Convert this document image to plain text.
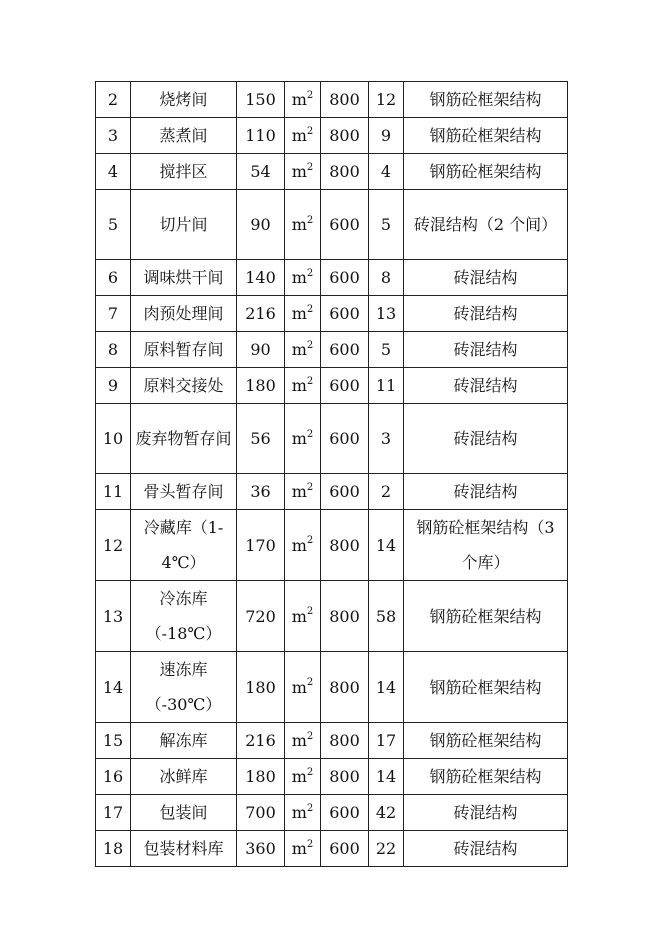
2	烧烤间	150	$m^2$	800	12	钢筋砼框架结构
3	蒸煮间	110	$m^2$	800	9	钢筋砼框架结构
4	搅拌区	54	$m^2$	800	4	钢筋砼框架结构
5	切片间	90	$m^2$	600	5	砖混结构（2 个间）
6	调味烘干间	140	$m^2$	600	8	砖混结构
7	肉预处理间	216	$m^2$	600	13	砖混结构
8	原料暂存间	90	$m^2$	600	5	砖混结构
9	原料交接处	180	$m^2$	600	11	砖混结构
10	废弃物暂存间	56	$m^2$	600	3	砖混结构
11	骨头暂存间	36	$m^2$	600	2	砖混结构
12	冷藏库（1-4℃）	170	$m^2$	800	14	钢筋砼框架结构（3 个库）
13	冷冻库（-18℃）	720	$m^2$	800	58	钢筋砼框架结构
14	速冻库（-30℃）	180	$m^2$	800	14	钢筋砼框架结构
15	解冻库	216	$m^2$	800	17	钢筋砼框架结构
16	冰鲜库	180	$m^2$	800	14	钢筋砼框架结构
17	包装间	700	$m^2$	600	42	砖混结构
18	包装材料库	360	$m^2$	600	22	砖混结构
